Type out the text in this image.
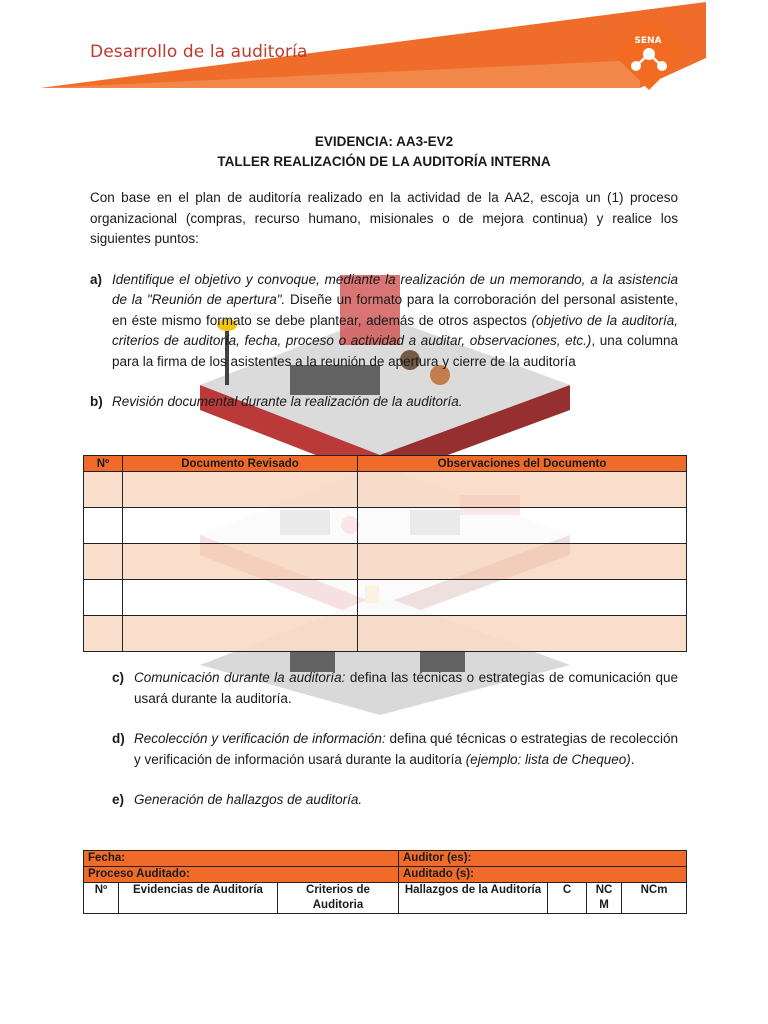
Desarrollo de la auditoría
SENA
EVIDENCIA: AA3-EV2
TALLER REALIZACIÓN DE LA AUDITORÍA INTERNA
Con base en el plan de auditoría realizado en la actividad de la AA2, escoja un (1) proceso organizacional (compras, recurso humano, misionales o de mejora continua) y realice los siguientes puntos:
a) Identifique el objetivo y convoque, mediante la realización de un memorando, a la asistencia de la "Reunión de apertura". Diseñe un formato para la corroboración del personal asistente, en éste mismo formato se debe plantear, además de otros aspectos (objetivo de la auditoría, criterios de auditoría, fecha, proceso o actividad a auditar, observaciones, etc.), una columna para la firma de los asistentes a la reunión de apertura y cierre de la auditoría
b) Revisión documental durante la realización de la auditoría.
Nº	Documento Revisado	Observaciones del Documento

c) Comunicación durante la auditoría: defina las técnicas o estrategias de comunicación que usará durante la auditoría.
d) Recolección y verificación de información: defina qué técnicas o estrategias de recolección y verificación de información usará durante la auditoría (ejemplo: lista de Chequeo).
e) Generación de hallazgos de auditoría.
Fecha:			Auditor (es):			
Proceso Auditado:			Auditado (s):			
Nº	Evidencias de Auditoría	Criterios de Auditoria	Hallazgos de la Auditoría	C	NC M	NCm
